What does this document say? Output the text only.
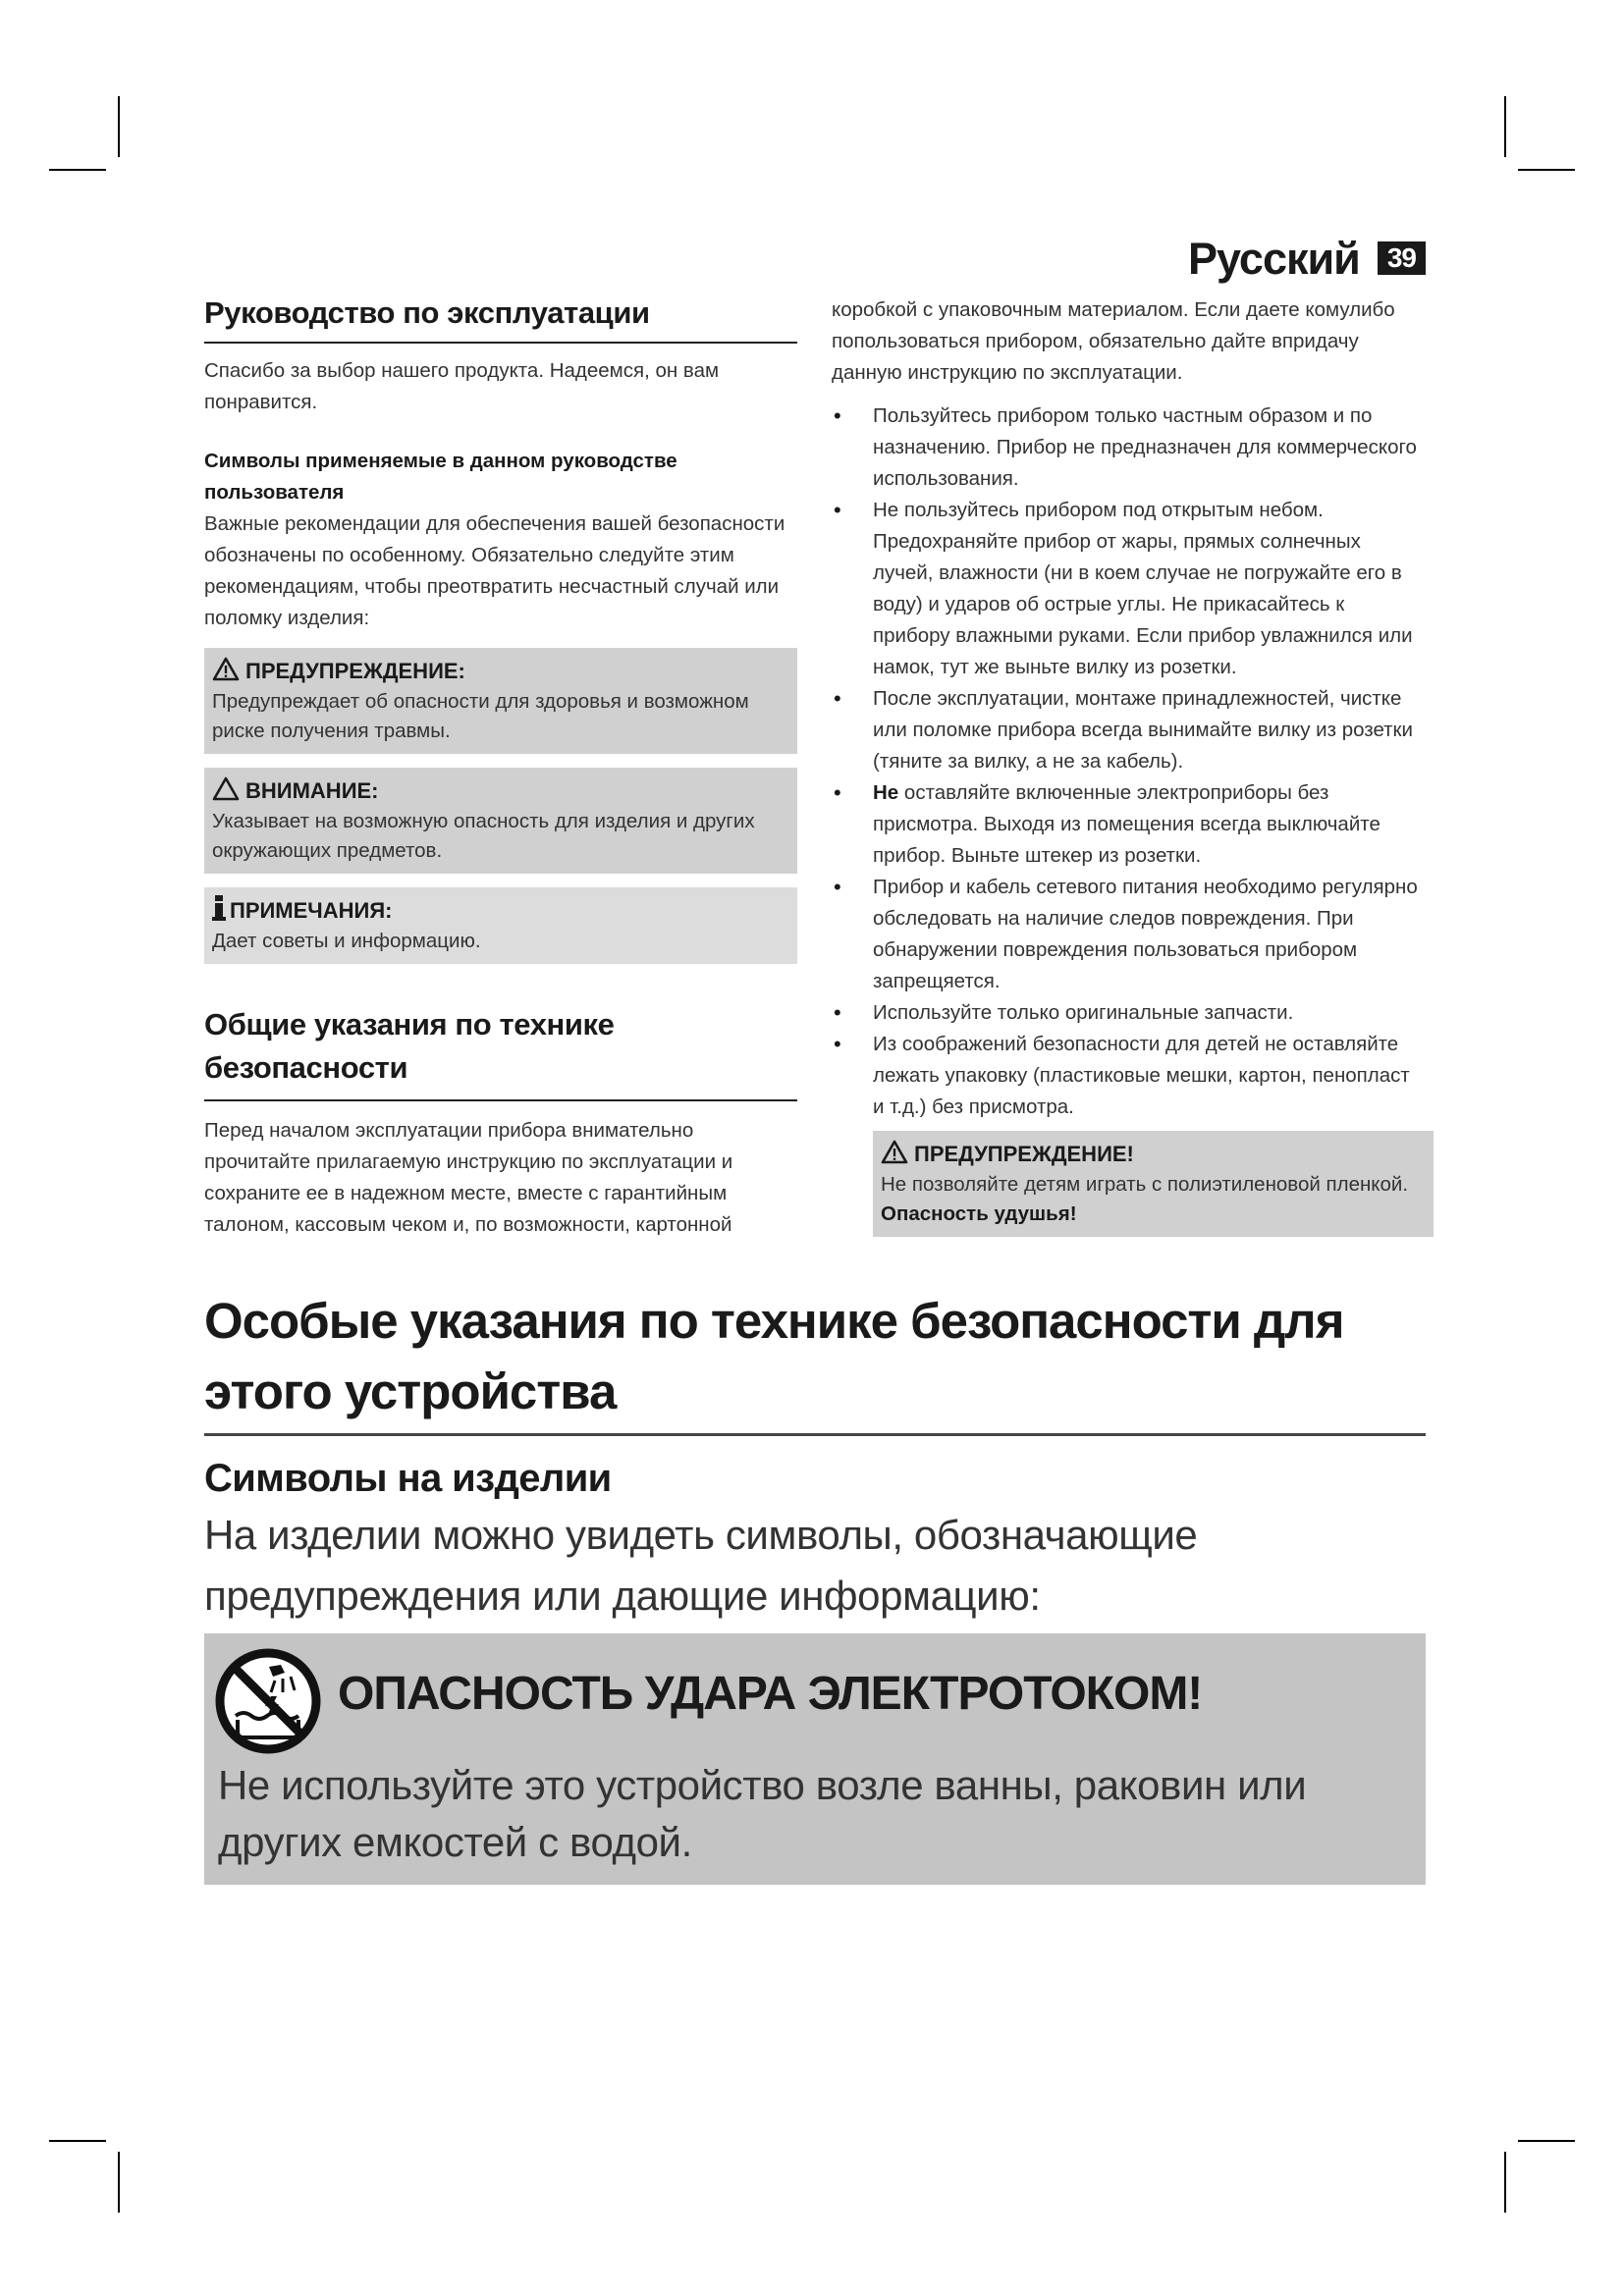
Русский 39
Руководство по эксплуатации

Спасибо за выбор нашего продукта. Надеемся, он вам понравится.

Символы применяемые в данном руководстве пользователя

Важные рекомендации для обеспечения вашей безопасности обозначены по особенному. Обязательно следуйте этим рекомендациям, чтобы преотвратить несчастный случай или поломку изделия:

ПРЕДУПРЕЖДЕНИЕ:
Предупреждает об опасности для здоровья и возможном риске получения травмы.
ВНИМАНИЕ:
Указывает на возможную опасность для изделия и других окружающих предметов.
ПРИМЕЧАНИЯ:
Дает советы и информацию.
Общие указания по технике безопасности

Перед началом эксплуатации прибора внимательно прочитайте прилагаемую инструкцию по эксплуатации и сохраните ее в надежном месте, вместе с гарантийным талоном, кассовым чеком и, по возможности, картонной

коробкой с упаковочным материалом. Если даете комулибо попользоваться прибором, обязательно дайте впридачу данную инструкцию по эксплуатации.

• Пользуйтесь прибором только частным образом и по назначению. Прибор не предназначен для коммерческого использования.
• Не пользуйтесь прибором под открытым небом. Предохраняйте прибор от жары, прямых солнечных лучей, влажности (ни в коем случае не погружайте его в воду) и ударов об острые углы. Не прикасайтесь к прибору влажными руками. Если прибор увлажнился или намок, тут же выньте вилку из розетки.
• После эксплуатации, монтаже принадлежностей, чистке или поломке прибора всегда вынимайте вилку из розетки (тяните за вилку, а не за кабель).
• Не оставляйте включенные электроприборы без присмотра. Выходя из помещения всегда выключайте прибор. Выньте штекер из розетки.
• Прибор и кабель сетевого питания необходимо регулярно обследовать на наличие следов повреждения. При обнаружении повреждения пользоваться прибором запрещяется.
• Используйте только оригинальные запчасти.
• Из соображений безопасности для детей не оставляйте лежать упаковку (пластиковые мешки, картон, пенопласт и т.д.) без присмотра.
ПРЕДУПРЕЖДЕНИЕ!
Не позволяйте детям играть с полиэтиленовой пленкой. Опасность удушья!
Особые указания по технике безопасности для этого устройства
Символы на изделии

На изделии можно увидеть символы, обозначающие предупреждения или дающие информацию:

ОПАСНОСТЬ УДАРА ЭЛЕКТРОТОКОМ!
Не используйте это устройство возле ванны, раковин или других емкостей с водой.
